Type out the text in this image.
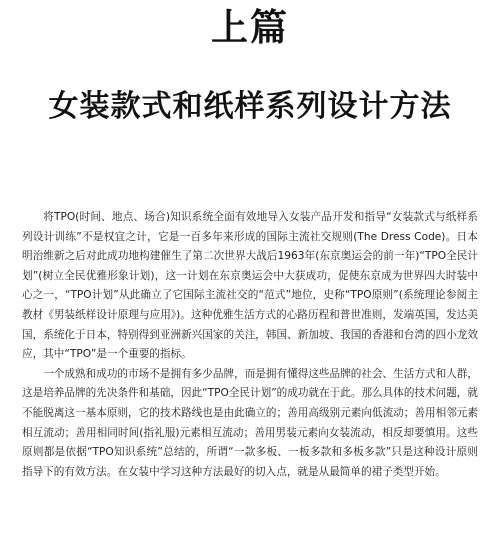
上篇
女装款式和纸样系列设计方法

将TPO(时间、地点、场合)知识系统全面有效地导入女装产品开发和指导“女装款式与纸样系列设计训练”不是权宜之计，它是一百多年来形成的国际主流社交规则(The Dress Code)。日本明治维新之后对此成功地构建催生了第二次世界大战后1963年(东京奥运会的前一年)“TPO全民计划”(树立全民优雅形象计划)，这一计划在东京奥运会中大获成功，促使东京成为世界四大时装中心之一，“TPO计划”从此确立了它国际主流社交的“范式”地位，史称“TPO原则”(系统理论参阅主教材《男装纸样设计原理与应用》)。这种优雅生活方式的心路历程和普世准则，发端英国，发达美国，系统化于日本，特别得到亚洲新兴国家的关注，韩国、新加坡、我国的香港和台湾的四小龙效应，其中“TPO”是一个重要的指标。

一个成熟和成功的市场不是拥有多少品牌，而是拥有懂得这些品牌的社会、生活方式和人群，这是培养品牌的先决条件和基础，因此“TPO全民计划”的成功就在于此。那么具体的技术问题，就不能脱离这一基本原则，它的技术路线也是由此确立的；善用高级别元素向低流动；善用相邻元素相互流动；善用相同时间(指礼服)元素相互流动；善用男装元素向女装流动，相反却要慎用。这些原则都是依据“TPO知识系统”总结的，所谓“一款多板、一板多款和多板多款”只是这种设计原则指导下的有效方法。在女装中学习这种方法最好的切入点，就是从最简单的裙子类型开始。
